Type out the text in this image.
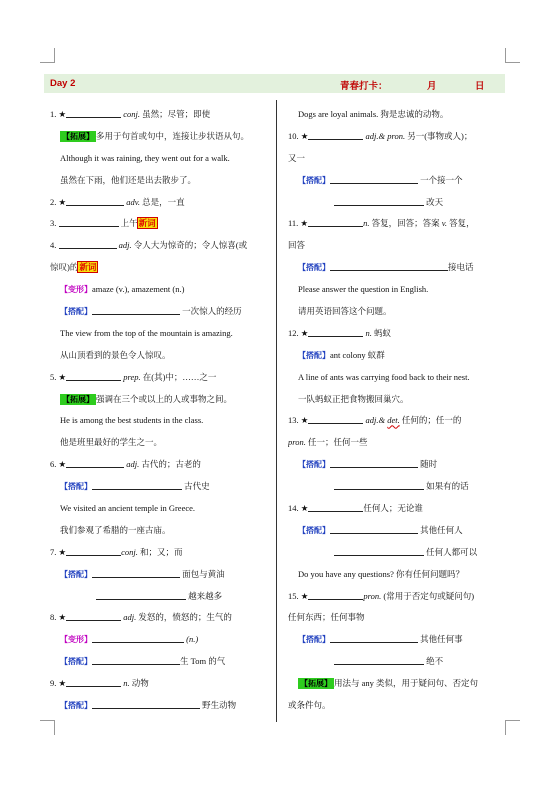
Day 2	青春打卡：	月	日
1. ★	conj. 虽然；尽管；即使
【拓展】 多用于句首或句中，连接让步状语从句。
Although it was raining, they went out for a walk.
虽然在下雨，他们还是出去散步了。
2. ★	adv. 总是，一直
3.	上午新词
4.	adj. 令人大为惊奇的；令人惊喜(或
惊叹)的新词
【变形】amaze (v.), amazement (n.)
【搭配】	一次惊人的经历
The view from the top of the mountain is amazing.
从山顶看到的景色令人惊叹。
5. ★	prep. 在(其)中；……之一
【拓展】 强调在三个或以上的人或事物之间。
He is among the best students in the class.
他是班里最好的学生之一。
6. ★	adj. 古代的；古老的
【搭配】	古代史
We visited an ancient temple in Greece.
我们参观了希腊的一座古庙。
7. ★	conj. 和；又；而
【搭配】	面包与黄油
越来越多
8. ★	adj. 发怒的，愤怒的；生气的
【变形】	(n.)
【搭配】	生 Tom 的气
9. ★	n. 动物
【搭配】	野生动物
Dogs are loyal animals. 狗是忠诚的动物。
10. ★	adj.& pron. 另一(事物或人)；
又一
【搭配】	一个接一个
改天
11. ★	n. 答复，回答；答案 v. 答复，
回答
【搭配】	接电话
Please answer the question in English.
请用英语回答这个问题。
12. ★	n. 蚂蚁
【搭配】ant colony 蚁群
A line of ants was carrying food back to their nest.
一队蚂蚁正把食物搬回巢穴。
13. ★	adj.& det. 任何的；任一的
pron. 任一；任何一些
【搭配】	随时
如果有的话
14. ★	任何人；无论谁
【搭配】	其他任何人
任何人都可以
Do you have any questions? 你有任何问题吗？
15. ★	pron. (常用于否定句或疑问句)
任何东西；任何事物
【搭配】	其他任何事
绝不
【拓展】 用法与 any 类似，用于疑问句、否定句
或条件句。
